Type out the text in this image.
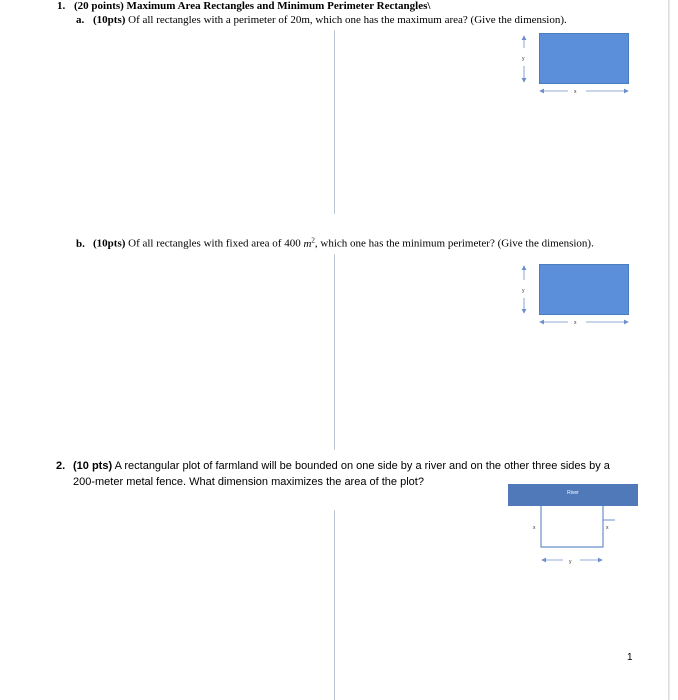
1. (20 points) Maximum Area Rectangles and Minimum Perimeter Rectangles\
a. (10pts) Of all rectangles with a perimeter of 20m, which one has the maximum area? (Give the dimension).
b. (10pts) Of all rectangles with fixed area of 400 $m^2$, which one has the minimum perimeter? (Give the dimension).
2. (10 pts) A rectangular plot of farmland will be bounded on one side by a river and on the other three sides by a
200-meter metal fence. What dimension maximizes the area of the plot?
River
y
x
y
x
x	x
y
1
